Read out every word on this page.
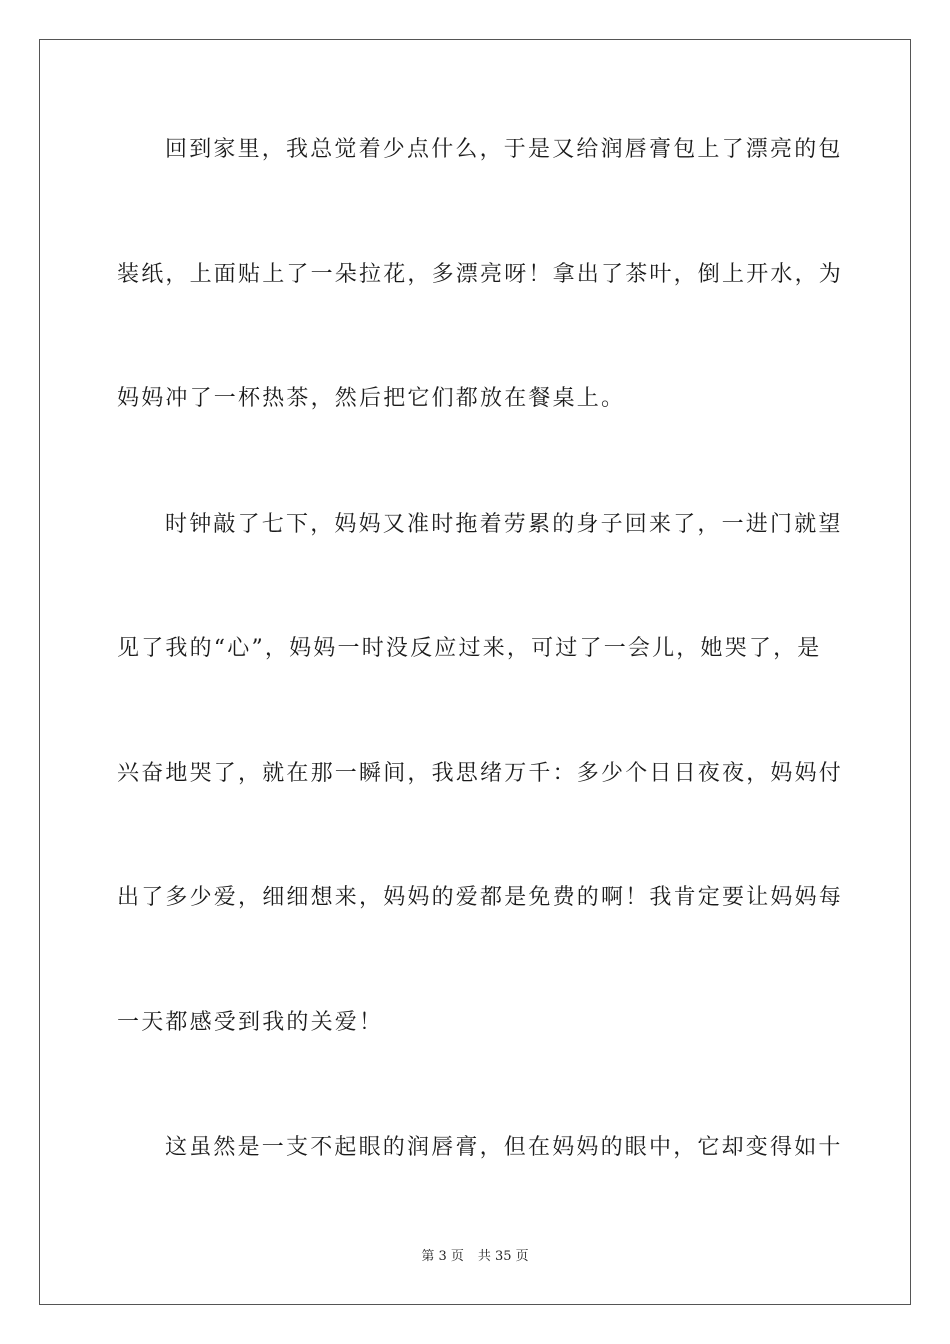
回到家里，我总觉着少点什么，于是又给润唇膏包上了漂亮的包
装纸，上面贴上了一朵拉花，多漂亮呀！拿出了茶叶，倒上开水，为
妈妈冲了一杯热茶，然后把它们都放在餐桌上。
时钟敲了七下，妈妈又准时拖着劳累的身子回来了，一进门就望
见了我的“心”，妈妈一时没反应过来，可过了一会儿，她哭了，是
兴奋地哭了，就在那一瞬间，我思绪万千：多少个日日夜夜，妈妈付
出了多少爱，细细想来，妈妈的爱都是免费的啊！我肯定要让妈妈每
一天都感受到我的关爱！
这虽然是一支不起眼的润唇膏，但在妈妈的眼中，它却变得如十
第 3 页 共 35 页
